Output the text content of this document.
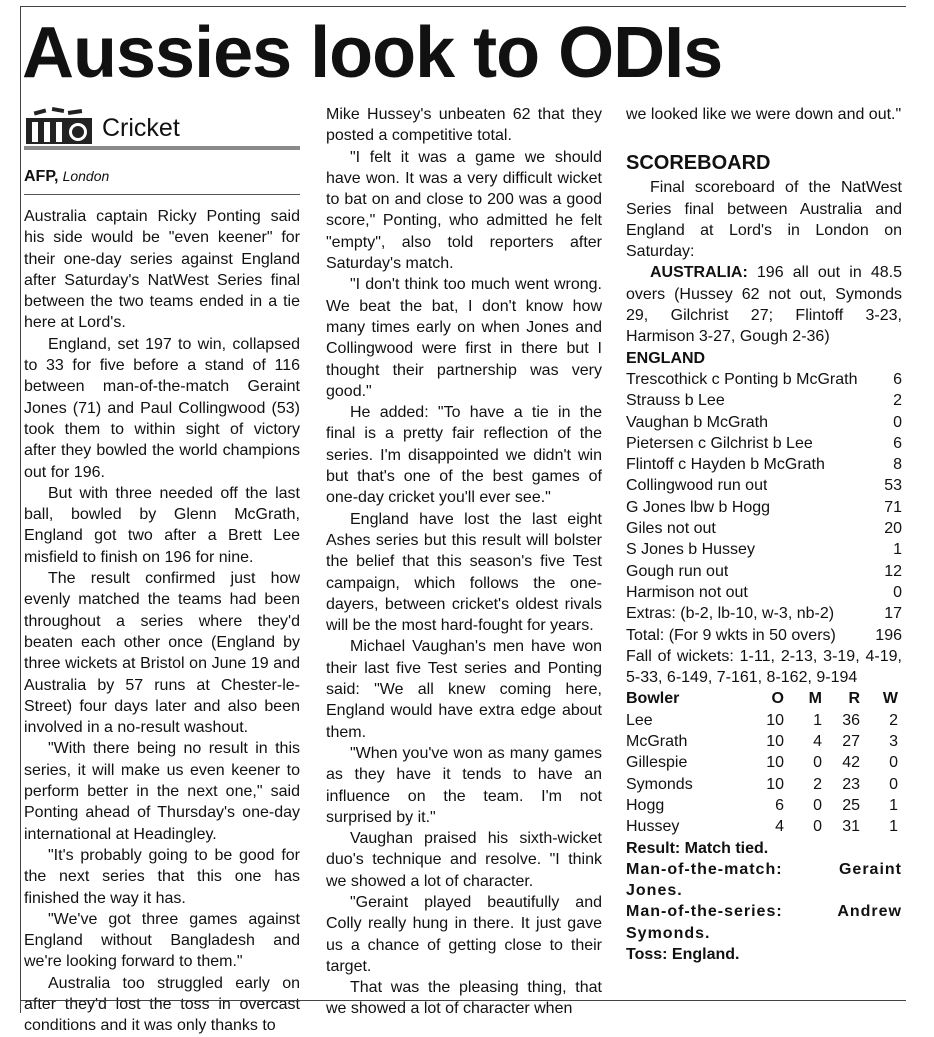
Aussies look to ODIs
Cricket
AFP, London

Australia captain Ricky Ponting said his side would be "even keener" for their one-day series against England after Saturday's NatWest Series final between the two teams ended in a tie here at Lord's.

England, set 197 to win, collapsed to 33 for five before a stand of 116 between man-of-the-match Geraint Jones (71) and Paul Collingwood (53) took them to within sight of victory after they bowled the world champions out for 196.

But with three needed off the last ball, bowled by Glenn McGrath, England got two after a Brett Lee misfield to finish on 196 for nine.

The result confirmed just how evenly matched the teams had been throughout a series where they'd beaten each other once (England by three wickets at Bristol on June 19 and Australia by 57 runs at Chester-le-Street) four days later and also been involved in a no-result washout.

"With there being no result in this series, it will make us even keener to perform better in the next one," said Ponting ahead of Thursday's one-day international at Headingley.

"It's probably going to be good for the next series that this one has finished the way it has.

"We've got three games against England without Bangladesh and we're looking forward to them."

Australia too struggled early on after they'd lost the toss in overcast conditions and it was only thanks to

Mike Hussey's unbeaten 62 that they posted a competitive total.

"I felt it was a game we should have won. It was a very difficult wicket to bat on and close to 200 was a good score," Ponting, who admitted he felt "empty", also told reporters after Saturday's match.

"I don't think too much went wrong. We beat the bat, I don't know how many times early on when Jones and Collingwood were first in there but I thought their partnership was very good."

He added: "To have a tie in the final is a pretty fair reflection of the series. I'm disappointed we didn't win but that's one of the best games of one-day cricket you'll ever see."

England have lost the last eight Ashes series but this result will bolster the belief that this season's five Test campaign, which follows the one-dayers, between cricket's oldest rivals will be the most hard-fought for years.

Michael Vaughan's men have won their last five Test series and Ponting said: "We all knew coming here, England would have extra edge about them.

"When you've won as many games as they have it tends to have an influence on the team. I'm not surprised by it."

Vaughan praised his sixth-wicket duo's technique and resolve. "I think we showed a lot of character.

"Geraint played beautifully and Colly really hung in there. It just gave us a chance of getting close to their target.

That was the pleasing thing, that we showed a lot of character when

we looked like we were down and out."

SCOREBOARD

Final scoreboard of the NatWest Series final between Australia and England at Lord's in London on Saturday:

AUSTRALIA: 196 all out in 48.5 overs (Hussey 62 not out, Symonds 29, Gilchrist 27; Flintoff 3-23, Harmison 3-27, Gough 2-36)

ENGLAND
Trescothick c Ponting b McGrath	6
Strauss b Lee	2
Vaughan b McGrath	0
Pietersen c Gilchrist b Lee	6
Flintoff c Hayden b McGrath	8
Collingwood run out	53
G Jones lbw b Hogg	71
Giles not out	20
S Jones b Hussey	1
Gough run out	12
Harmison not out	0
Extras: (b-2, lb-10, w-3, nb-2)	17
Total: (For 9 wkts in 50 overs) 196

Fall of wickets: 1-11, 2-13, 3-19, 4-19, 5-33, 6-149, 7-161, 8-162, 9-194

Bowler	O	M	R	W
Lee	10	1	36	2
McGrath	10	4	27	3
Gillespie	10	0	42	0
Symonds	10	2	23	0
Hogg	6	0	25	1
Hussey	4	0	31	1

Result: Match tied.

Man-of-the-match: Geraint Jones.

Man-of-the-series: Andrew Symonds.

Toss: England.
